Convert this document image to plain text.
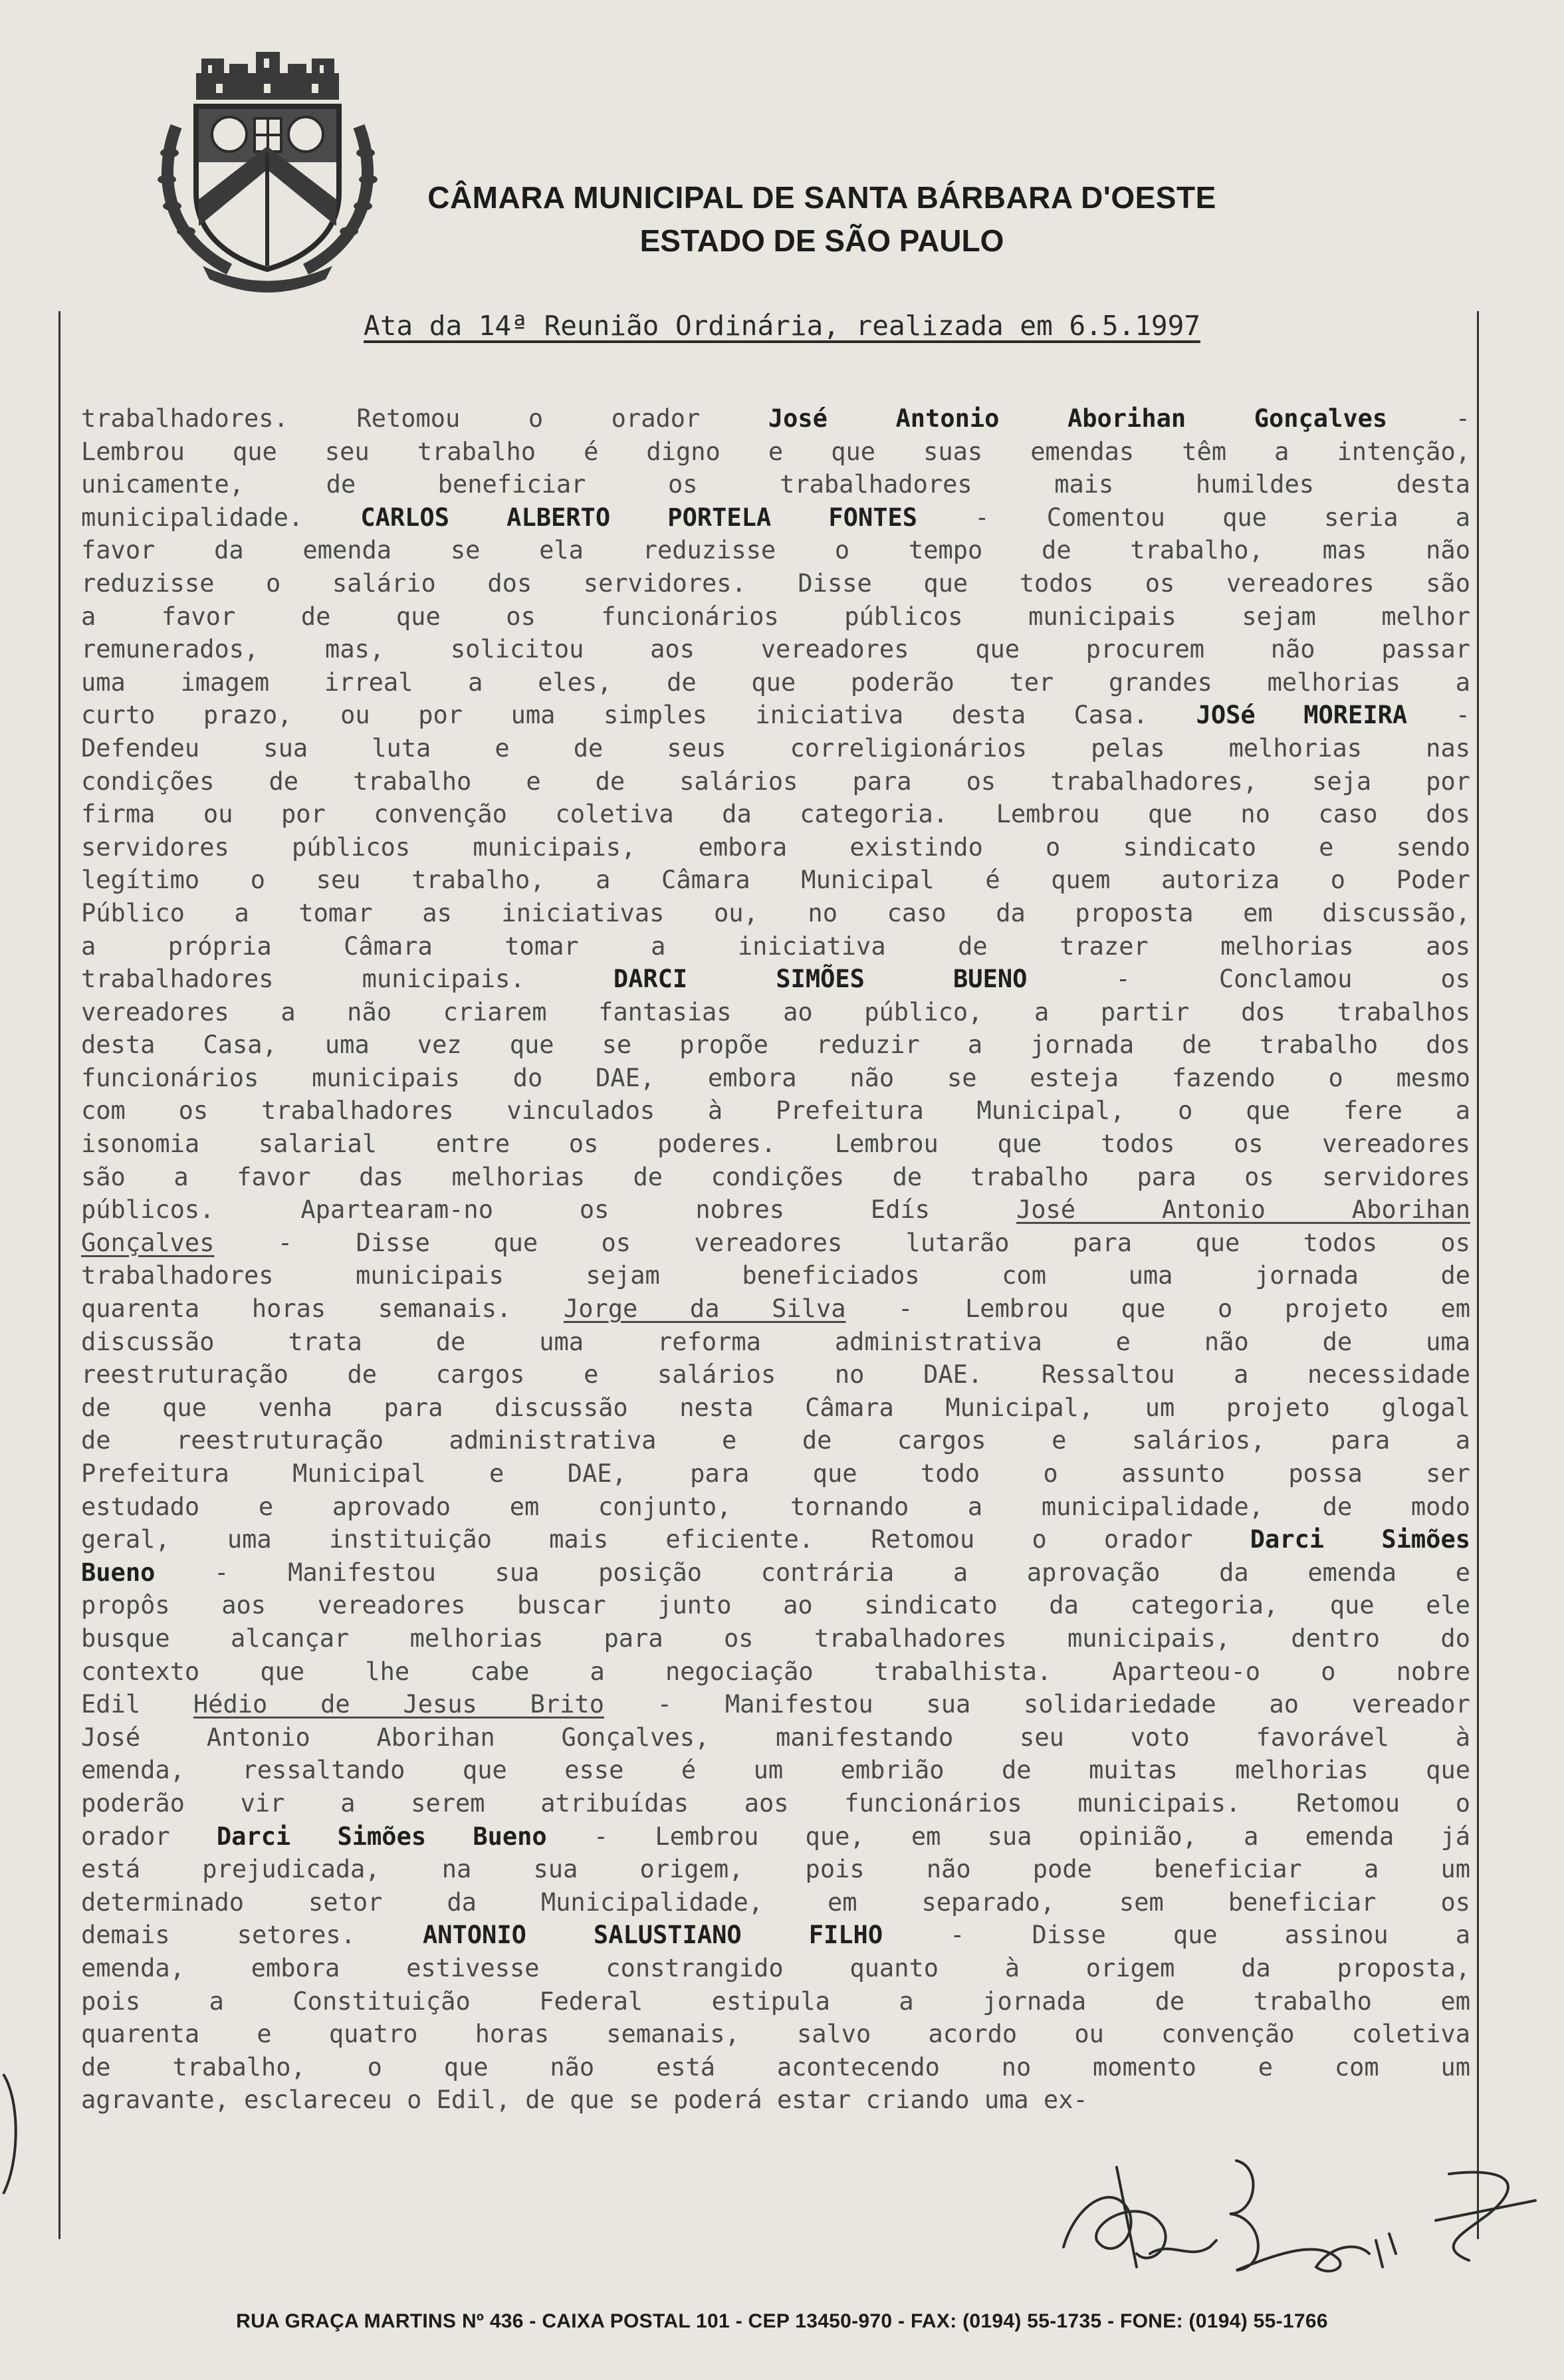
CÂMARA MUNICIPAL DE SANTA BÁRBARA D'OESTE
ESTADO DE SÃO PAULO
Ata da 14ª Reunião Ordinária, realizada em 6.5.1997
trabalhadores. Retomou o orador José Antonio Aborihan Gonçalves -
Lembrou que seu trabalho é digno e que suas emendas têm a intenção,
unicamente, de beneficiar os trabalhadores mais humildes desta
municipalidade. CARLOS ALBERTO PORTELA FONTES - Comentou que seria a
favor da emenda se ela reduzisse o tempo de trabalho, mas não
reduzisse o salário dos servidores. Disse que todos os vereadores são
a favor de que os funcionários públicos municipais sejam melhor
remunerados, mas, solicitou aos vereadores que procurem não passar
uma imagem irreal a eles, de que poderão ter grandes melhorias a
curto prazo, ou por uma simples iniciativa desta Casa. JOSé MOREIRA -
Defendeu sua luta e de seus correligionários pelas melhorias nas
condições de trabalho e de salários para os trabalhadores, seja por
firma ou por convenção coletiva da categoria. Lembrou que no caso dos
servidores públicos municipais, embora existindo o sindicato e sendo
legítimo o seu trabalho, a Câmara Municipal é quem autoriza o Poder
Público a tomar as iniciativas ou, no caso da proposta em discussão,
a própria Câmara tomar a iniciativa de trazer melhorias aos
trabalhadores municipais. DARCI SIMÕES BUENO - Conclamou os
vereadores a não criarem fantasias ao público, a partir dos trabalhos
desta Casa, uma vez que se propõe reduzir a jornada de trabalho dos
funcionários municipais do DAE, embora não se esteja fazendo o mesmo
com os trabalhadores vinculados à Prefeitura Municipal, o que fere a
isonomia salarial entre os poderes. Lembrou que todos os vereadores
são a favor das melhorias de condições de trabalho para os servidores
públicos. Apartearam-no os nobres Edís José Antonio Aborihan
Gonçalves - Disse que os vereadores lutarão para que todos os
trabalhadores municipais sejam beneficiados com uma jornada de
quarenta horas semanais. Jorge da Silva - Lembrou que o projeto em
discussão trata de uma reforma administrativa e não de uma
reestruturação de cargos e salários no DAE. Ressaltou a necessidade
de que venha para discussão nesta Câmara Municipal, um projeto glogal
de reestruturação administrativa e de cargos e salários, para a
Prefeitura Municipal e DAE, para que todo o assunto possa ser
estudado e aprovado em conjunto, tornando a municipalidade, de modo
geral, uma instituição mais eficiente. Retomou o orador Darci Simões
Bueno - Manifestou sua posição contrária a aprovação da emenda e
propôs aos vereadores buscar junto ao sindicato da categoria, que ele
busque alcançar melhorias para os trabalhadores municipais, dentro do
contexto que lhe cabe a negociação trabalhista. Aparteou-o o nobre
Edil Hédio de Jesus Brito - Manifestou sua solidariedade ao vereador
José Antonio Aborihan Gonçalves, manifestando seu voto favorável à
emenda, ressaltando que esse é um embrião de muitas melhorias que
poderão vir a serem atribuídas aos funcionários municipais. Retomou o
orador Darci Simões Bueno - Lembrou que, em sua opinião, a emenda já
está prejudicada, na sua origem, pois não pode beneficiar a um
determinado setor da Municipalidade, em separado, sem beneficiar os
demais setores. ANTONIO SALUSTIANO FILHO - Disse que assinou a
emenda, embora estivesse constrangido quanto à origem da proposta,
pois a Constituição Federal estipula a jornada de trabalho em
quarenta e quatro horas semanais, salvo acordo ou convenção coletiva
de trabalho, o que não está acontecendo no momento e com um
agravante, esclareceu o Edil, de que se poderá estar criando uma ex-
RUA GRAÇA MARTINS Nº 436 - CAIXA POSTAL 101 - CEP 13450-970 - FAX: (0194) 55-1735 - FONE: (0194) 55-1766
